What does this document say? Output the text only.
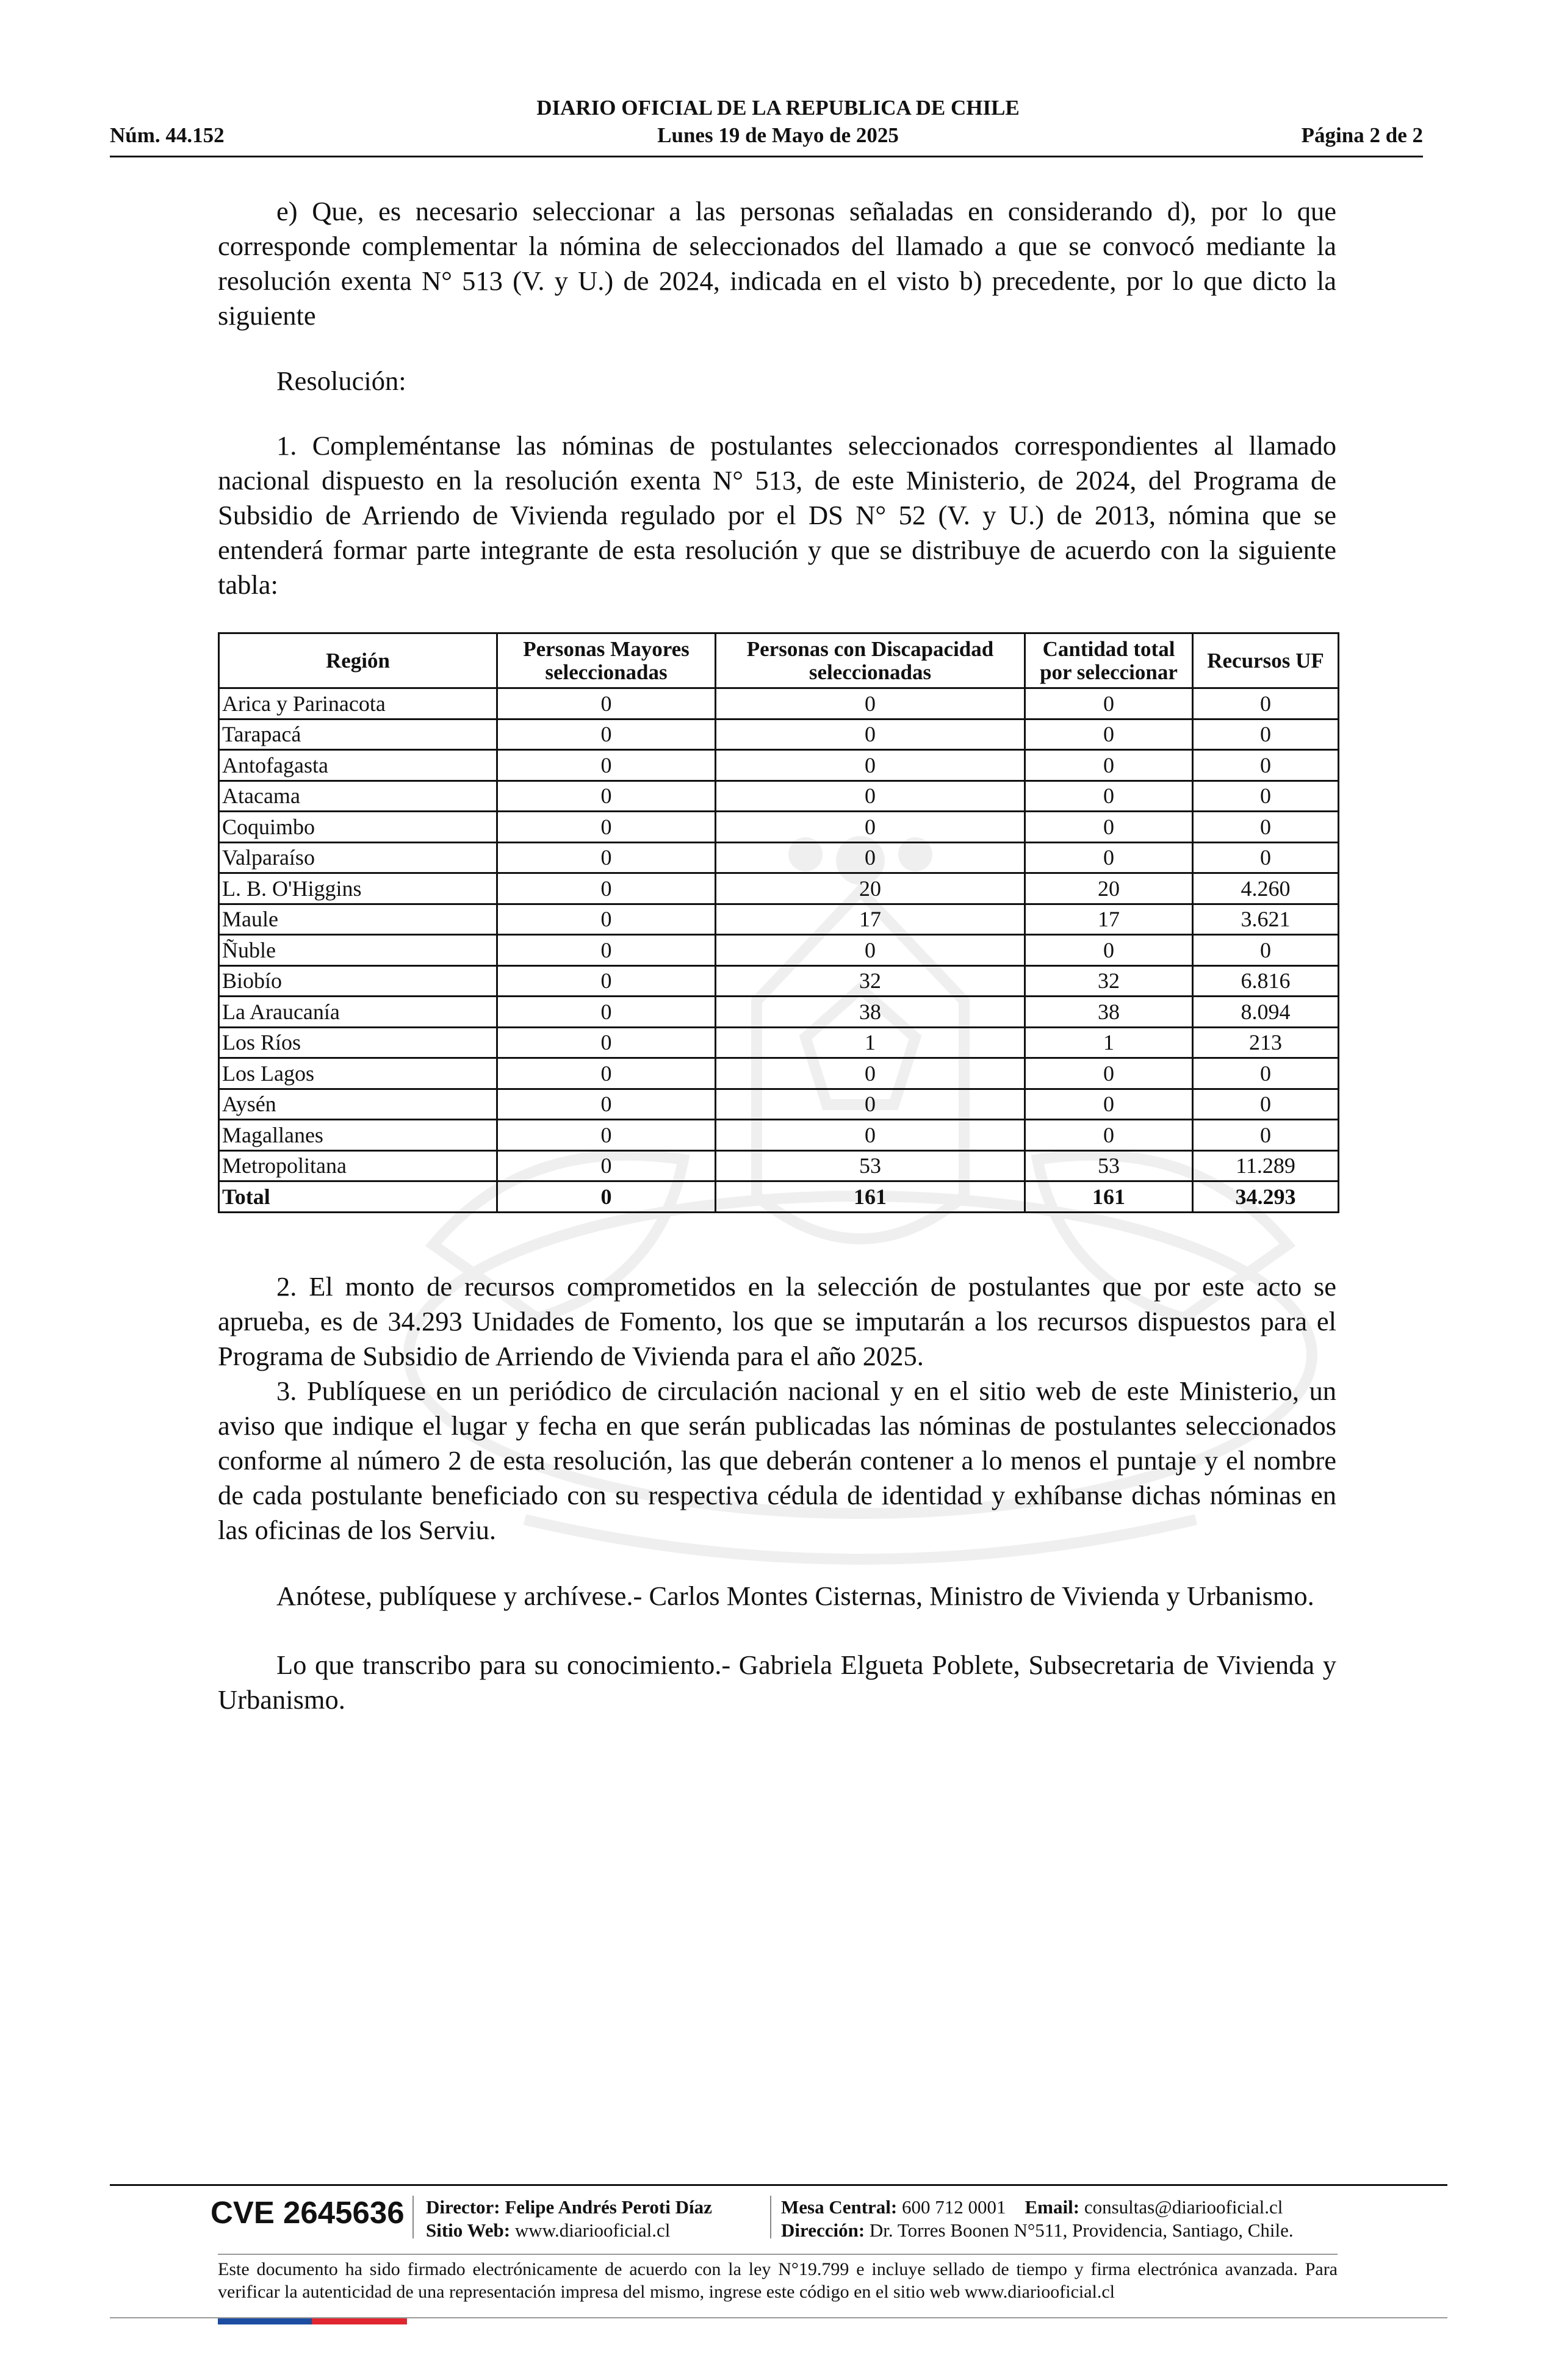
DIARIO OFICIAL DE LA REPUBLICA DE CHILE
Lunes 19 de Mayo de 2025
Núm. 44.152	Página 2 de 2
e) Que, es necesario seleccionar a las personas señaladas en considerando d), por lo que corresponde complementar la nómina de seleccionados del llamado a que se convocó mediante la resolución exenta N° 513 (V. y U.) de 2024, indicada en el visto b) precedente, por lo que dicto la siguiente
Resolución:
1. Compleméntanse las nóminas de postulantes seleccionados correspondientes al llamado nacional dispuesto en la resolución exenta N° 513, de este Ministerio, de 2024, del Programa de Subsidio de Arriendo de Vivienda regulado por el DS N° 52 (V. y U.) de 2013, nómina que se entenderá formar parte integrante de esta resolución y que se distribuye de acuerdo con la siguiente tabla:
Región	Personas Mayores seleccionadas	Personas con Discapacidad seleccionadas	Cantidad total por seleccionar	Recursos UF
Arica y Parinacota	0	0	0	0
Tarapacá	0	0	0	0
Antofagasta	0	0	0	0
Atacama	0	0	0	0
Coquimbo	0	0	0	0
Valparaíso	0	0	0	0
L. B. O'Higgins	0	20	20	4.260
Maule	0	17	17	3.621
Ñuble	0	0	0	0
Biobío	0	32	32	6.816
La Araucanía	0	38	38	8.094
Los Ríos	0	1	1	213
Los Lagos	0	0	0	0
Aysén	0	0	0	0
Magallanes	0	0	0	0
Metropolitana	0	53	53	11.289
Total	0	161	161	34.293
2. El monto de recursos comprometidos en la selección de postulantes que por este acto se aprueba, es de 34.293 Unidades de Fomento, los que se imputarán a los recursos dispuestos para el Programa de Subsidio de Arriendo de Vivienda para el año 2025.
3. Publíquese en un periódico de circulación nacional y en el sitio web de este Ministerio, un aviso que indique el lugar y fecha en que serán publicadas las nóminas de postulantes seleccionados conforme al número 2 de esta resolución, las que deberán contener a lo menos el puntaje y el nombre de cada postulante beneficiado con su respectiva cédula de identidad y exhíbanse dichas nóminas en las oficinas de los Serviu.
Anótese, publíquese y archívese.- Carlos Montes Cisternas, Ministro de Vivienda y Urbanismo.
Lo que transcribo para su conocimiento.- Gabriela Elgueta Poblete, Subsecretaria de Vivienda y Urbanismo.
CVE 2645636 Director: Felipe Andrés Peroti Díaz
Sitio Web: www.diariooficial.cl
Mesa Central: 600 712 0001 Email: consultas@diariooficial.cl
Dirección: Dr. Torres Boonen N°511, Providencia, Santiago, Chile.
Este documento ha sido firmado electrónicamente de acuerdo con la ley N°19.799 e incluye sellado de tiempo y firma electrónica avanzada. Para verificar la autenticidad de una representación impresa del mismo, ingrese este código en el sitio web www.diariooficial.cl
